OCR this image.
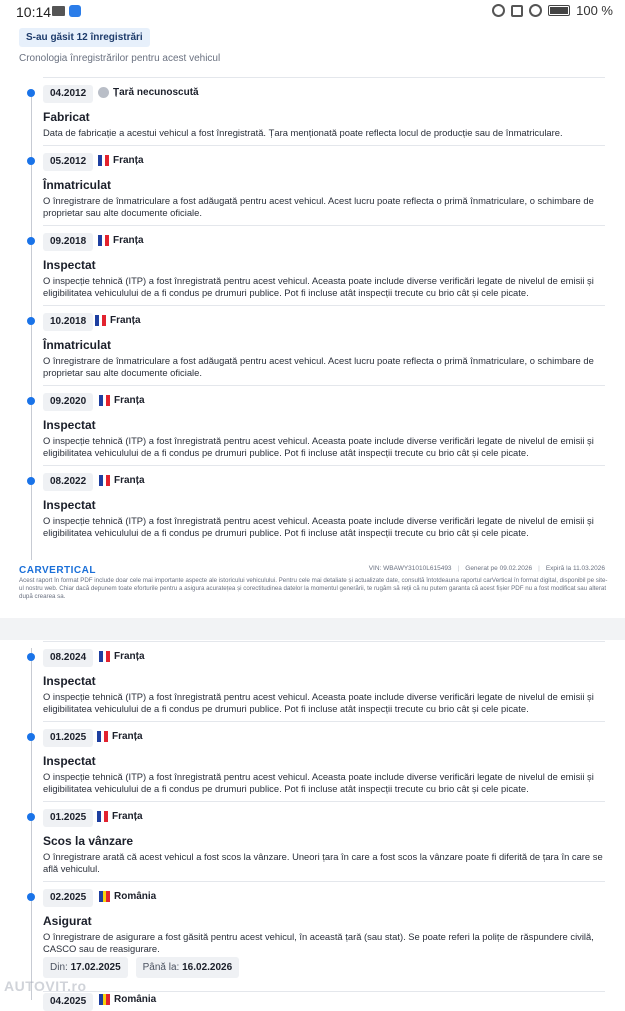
10:14	100 %
S-au găsit 12 înregistrări
Cronologia înregistrărilor pentru acest vehicul
04.2012	Țară necunoscută
Fabricat

Data de fabricație a acestui vehicul a fost înregistrată. Țara menționată poate reflecta locul de producție sau de înmatriculare.

05.2012	Franța
Înmatriculat

O înregistrare de înmatriculare a fost adăugată pentru acest vehicul. Acest lucru poate reflecta o primă înmatriculare, o schimbare de proprietar sau alte documente oficiale.

09.2018	Franța
Inspectat

O inspecție tehnică (ITP) a fost înregistrată pentru acest vehicul. Aceasta poate include diverse verificări legate de nivelul de emisii și eligibilitatea vehiculului de a fi condus pe drumuri publice. Pot fi incluse atât inspecții trecute cu brio cât și cele picate.

10.2018	Franța
Înmatriculat

O înregistrare de înmatriculare a fost adăugată pentru acest vehicul. Acest lucru poate reflecta o primă înmatriculare, o schimbare de proprietar sau alte documente oficiale.

09.2020	Franța
Inspectat

O inspecție tehnică (ITP) a fost înregistrată pentru acest vehicul. Aceasta poate include diverse verificări legate de nivelul de emisii și eligibilitatea vehiculului de a fi condus pe drumuri publice. Pot fi incluse atât inspecții trecute cu brio cât și cele picate.

08.2022	Franța
Inspectat

O inspecție tehnică (ITP) a fost înregistrată pentru acest vehicul. Aceasta poate include diverse verificări legate de nivelul de emisii și eligibilitatea vehiculului de a fi condus pe drumuri publice. Pot fi incluse atât inspecții trecute cu brio cât și cele picate.

CARVERTICAL	VIN: WBAWY31010L615493 | Generat pe 09.02.2026 | Expiră la 11.03.2026

Acest raport în format PDF include doar cele mai importante aspecte ale istoricului vehiculului. Pentru cele mai detaliate și actualizate date, consultă întotdeauna raportul carVertical în format digital, disponibil pe site-ul nostru web. Chiar dacă depunem toate eforturile pentru a asigura acuratețea și corectitudinea datelor la momentul generării, te rugăm să reții că nu putem garanta că acest fișier PDF nu a fost modificat sau alterat după crearea sa.

08.2024	Franța
Inspectat

O inspecție tehnică (ITP) a fost înregistrată pentru acest vehicul. Aceasta poate include diverse verificări legate de nivelul de emisii și eligibilitatea vehiculului de a fi condus pe drumuri publice. Pot fi incluse atât inspecții trecute cu brio cât și cele picate.

01.2025	Franța
Inspectat

O inspecție tehnică (ITP) a fost înregistrată pentru acest vehicul. Aceasta poate include diverse verificări legate de nivelul de emisii și eligibilitatea vehiculului de a fi condus pe drumuri publice. Pot fi incluse atât inspecții trecute cu brio cât și cele picate.

01.2025	Franța
Scos la vânzare

O înregistrare arată că acest vehicul a fost scos la vânzare. Uneori țara în care a fost scos la vânzare poate fi diferită de țara în care se află vehiculul.

02.2025	România
Asigurat

O înregistrare de asigurare a fost găsită pentru acest vehicul, în această țară (sau stat). Se poate referi la polițe de răspundere civilă, CASCO sau de reasigurare.

Din: 17.02.2025	Până la: 16.02.2026
04.2025	România
AUTOVIT.ro
